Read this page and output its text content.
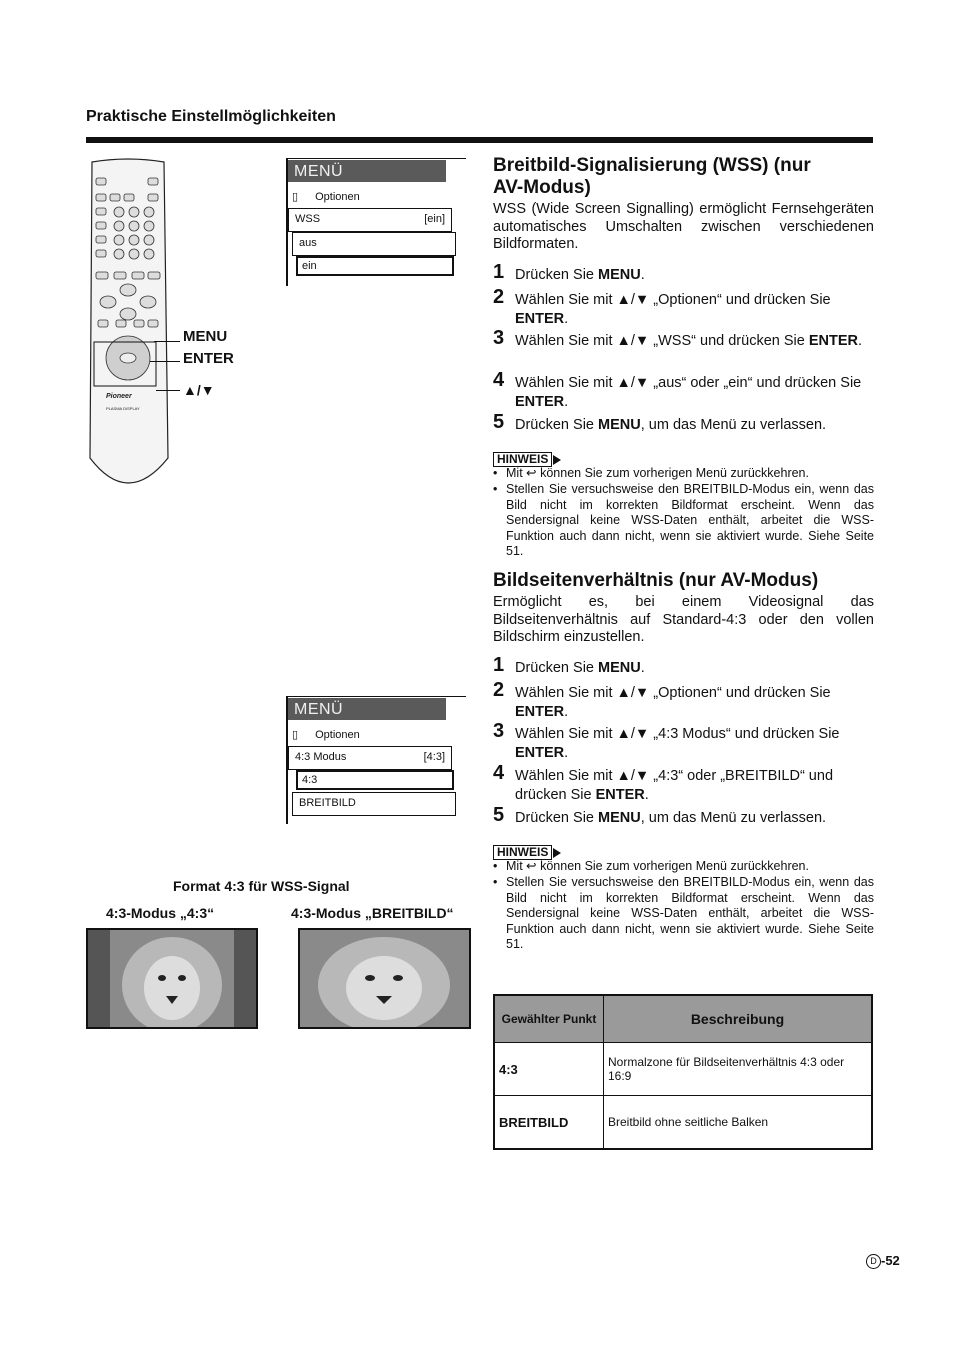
Praktische Einstellmöglichkeiten
Pioneer
PLASMA DISPLAY
MENU
ENTER
▲/▼
MENÜ
▯ Optionen
WSS	[ein]
aus
ein
Breitbild-Signalisierung (WSS) (nur
AV-Modus)
WSS (Wide Screen Signalling) ermöglicht Fernsehgeräten automatisches Umschalten zwischen verschiedenen Bildformaten.
1 Drücken Sie MENU.
2 Wählen Sie mit ▲/▼ „Optionen“ und drücken Sie ENTER.
3 Wählen Sie mit ▲/▼ „WSS“ und drücken Sie ENTER.
4 Wählen Sie mit ▲/▼ „aus“ oder „ein“ und drücken Sie ENTER.
5 Drücken Sie MENU, um das Menü zu verlassen.
HINWEIS
• Mit ↩ können Sie zum vorherigen Menü zurückkehren.
• Stellen Sie versuchsweise den BREITBILD-Modus ein, wenn das Bild nicht im korrekten Bildformat erscheint. Wenn das Sendersignal keine WSS-Daten enthält, arbeitet die WSS-Funktion auch dann nicht, wenn sie aktiviert wurde. Siehe Seite 51.
Bildseitenverhältnis (nur AV-Modus)
Ermöglicht es, bei einem Videosignal das Bildseitenverhältnis auf Standard-4:3 oder den vollen Bildschirm einzustellen.
1 Drücken Sie MENU.
2 Wählen Sie mit ▲/▼ „Optionen“ und drücken Sie ENTER.
3 Wählen Sie mit ▲/▼ „4:3 Modus“ und drücken Sie ENTER.
4 Wählen Sie mit ▲/▼ „4:3“ oder „BREITBILD“ und drücken Sie ENTER.
5 Drücken Sie MENU, um das Menü zu verlassen.
HINWEIS
• Mit ↩ können Sie zum vorherigen Menü zurückkehren.
• Stellen Sie versuchsweise den BREITBILD-Modus ein, wenn das Bild nicht im korrekten Bildformat erscheint. Wenn das Sendersignal keine WSS-Daten enthält, arbeitet die WSS-Funktion auch dann nicht, wenn sie aktiviert wurde. Siehe Seite 51.
MENÜ
▯ Optionen
4:3 Modus	[4:3]
4:3
BREITBILD
Format 4:3 für WSS-Signal
4:3-Modus „4:3“	4:3-Modus „BREITBILD“
Gewählter Punkt	Beschreibung
4:3	Normalzone für Bildseitenverhältnis 4:3 oder 16:9
BREITBILD	Breitbild ohne seitliche Balken
D -52
